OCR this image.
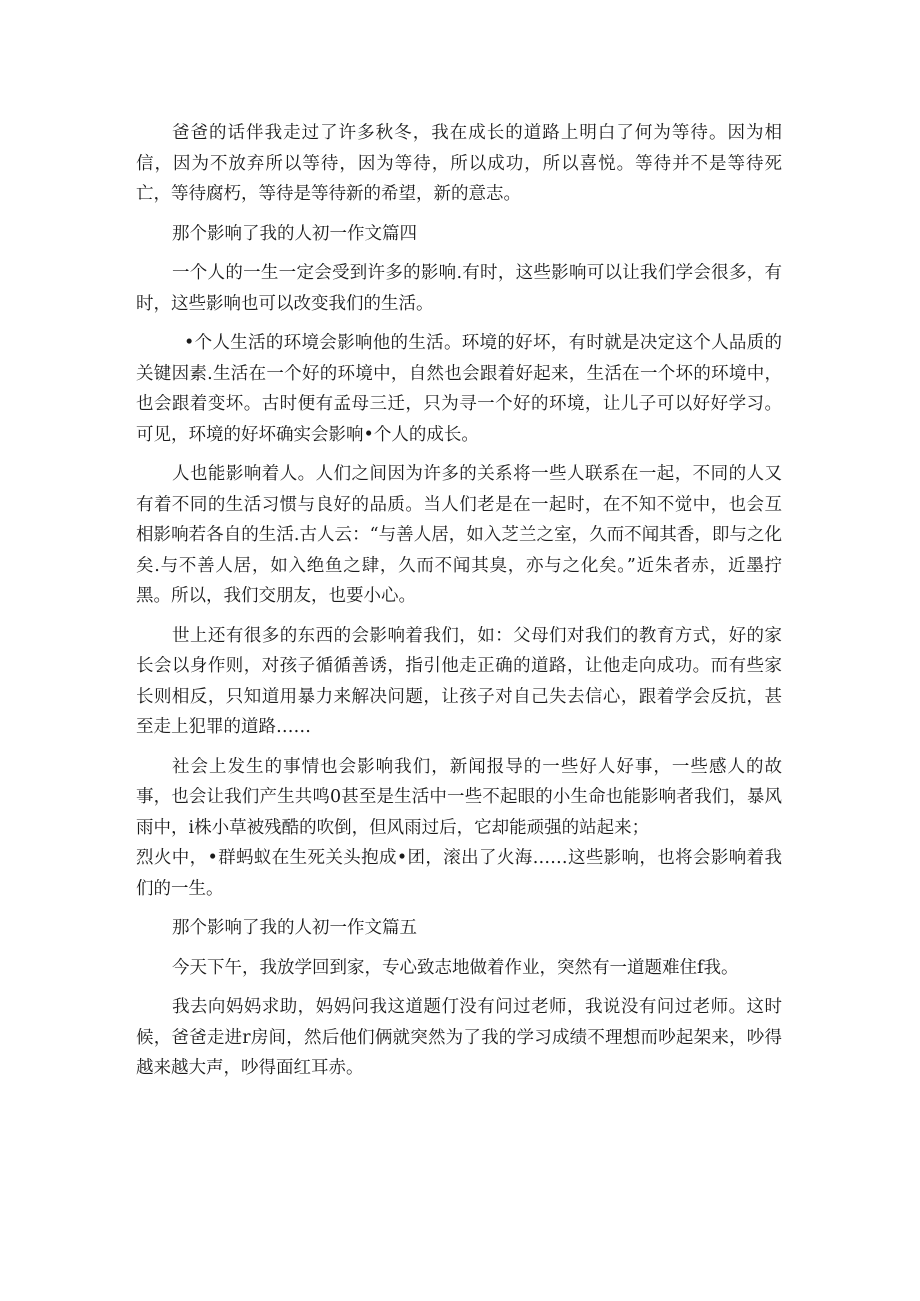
爸爸的话伴我走过了许多秋冬，我在成长的道路上明白了何为等待。因为相信，因为不放弃所以等待，因为等待，所以成功，所以喜悦。等待并不是等待死亡，等待腐朽，等待是等待新的希望，新的意志。

那个影响了我的人初一作文篇四

一个人的一生一定会受到许多的影响.有时，这些影响可以让我们学会很多，有时，这些影响也可以改变我们的生活。

•个人生活的环境会影响他的生活。环境的好坏，有时就是决定这个人品质的关键因素.生活在一个好的环境中，自然也会跟着好起来，生活在一个坏的环境中，也会跟着变坏。古时便有孟母三迁，只为寻一个好的环境，让儿子可以好好学习。可见，环境的好坏确实会影响•个人的成长。

人也能影响着人。人们之间因为许多的关系将一些人联系在一起，不同的人又有着不同的生活习惯与良好的品质。当人们老是在一起时，在不知不觉中，也会互相影响若各自的生活.古人云：“与善人居，如入芝兰之室，久而不闻其香，即与之化矣.与不善人居，如入绝鱼之肆，久而不闻其臭，亦与之化矣。”近朱者赤，近墨拧黑。所以，我们交朋友，也要小心。

世上还有很多的东西的会影响着我们，如：父母们对我们的教育方式，好的家长会以身作则，对孩子循循善诱，指引他走正确的道路，让他走向成功。而有些家长则相反，只知道用暴力来解决问题，让孩子对自己失去信心，跟着学会反抗，甚至走上犯罪的道路……

社会上发生的事情也会影响我们，新闻报导的一些好人好事，一些感人的故事，也会让我们产生共鸣0甚至是生活中一些不起眼的小生命也能影响者我们，暴风雨中，i株小草被残酷的吹倒，但风雨过后，它却能顽强的站起来；

烈火中，•群蚂蚁在生死关头抱成•团，滚出了火海……这些影响，也将会影响着我们的一生。

那个影响了我的人初一作文篇五

今天下午，我放学回到家，专心致志地做着作业，突然有一道题难住f我。

我去向妈妈求助，妈妈问我这道题仃没有问过老师，我说没有问过老师。这时候，爸爸走进r房间，然后他们俩就突然为了我的学习成绩不理想而吵起架来，吵得越来越大声，吵得面红耳赤。
